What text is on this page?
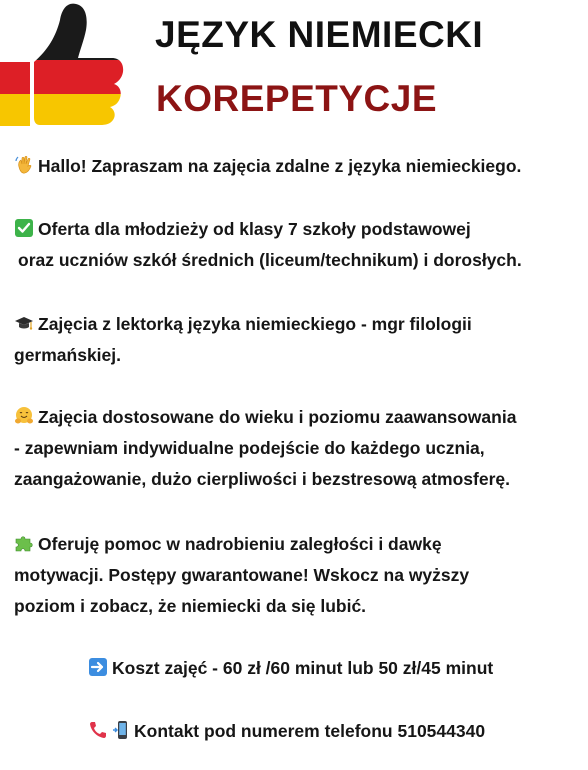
JĘZYK NIEMIECKI
KOREPETYCJE
Hallo! Zapraszam na zajęcia zdalne z języka niemieckiego.
Oferta dla młodzieży od klasy 7 szkoły podstawowej
oraz uczniów szkół średnich (liceum/technikum) i dorosłych.
Zajęcia z lektorką języka niemieckiego - mgr filologii
germańskiej.
Zajęcia dostosowane do wieku i poziomu zaawansowania
- zapewniam indywidualne podejście do każdego ucznia,
zaangażowanie, dużo cierpliwości i bezstresową atmosferę.
Oferuję pomoc w nadrobieniu zaległości i dawkę
motywacji. Postępy gwarantowane! Wskocz na wyższy
poziom i zobacz, że niemiecki da się lubić.
Koszt zajęć - 60 zł /60 minut lub 50 zł/45 minut
Kontakt pod numerem telefonu 510544340
